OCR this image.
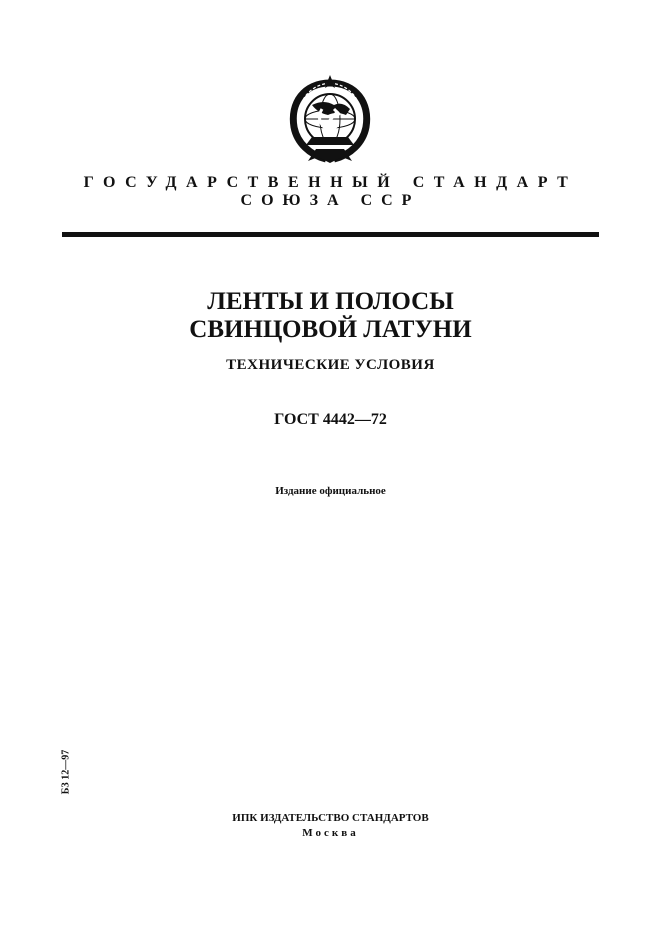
ГОСУДАРСТВЕННЫЙ СТАНДАРТ
СОЮЗА ССР
ЛЕНТЫ И ПОЛОСЫ
СВИНЦОВОЙ ЛАТУНИ
ТЕХНИЧЕСКИЕ УСЛОВИЯ
ГОСТ 4442—72
Издание официальное
БЗ 12—97
ИПК ИЗДАТЕЛЬСТВО СТАНДАРТОВ
Москва
